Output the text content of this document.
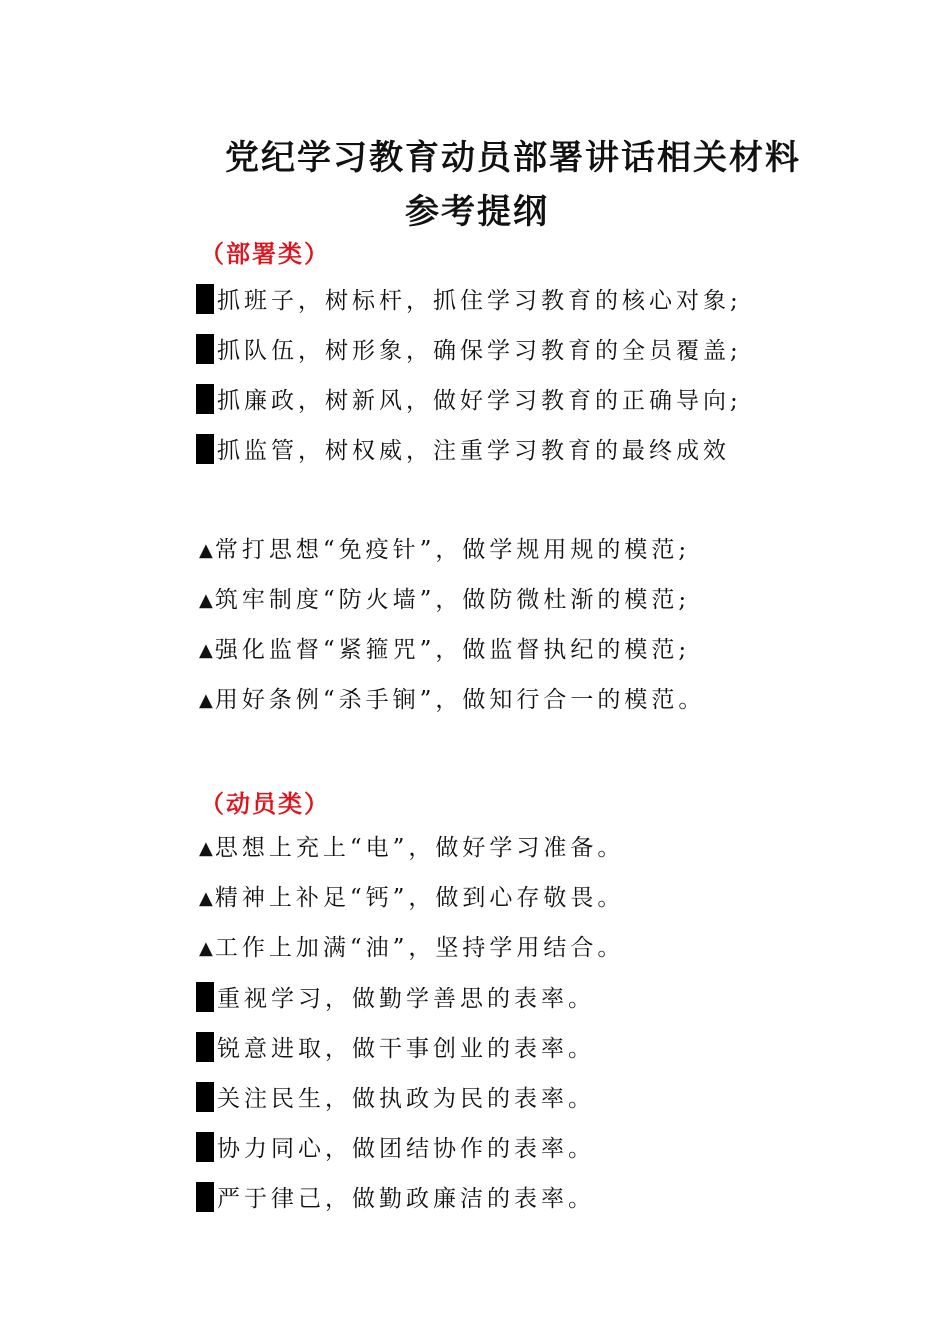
党纪学习教育动员部署讲话相关材料
参考提纲
（部署类）
抓班子，树标杆，抓住学习教育的核心对象;
抓队伍，树形象，确保学习教育的全员覆盖;
抓廉政，树新风，做好学习教育的正确导向;
抓监管，树权威，注重学习教育的最终成效
▲常打思想“免疫针”，做学规用规的模范;
▲筑牢制度“防火墙”，做防微杜渐的模范;
▲强化监督“紧箍咒”，做监督执纪的模范;
▲用好条例“杀手锏”，做知行合一的模范。
（动员类）
▲思想上充上“电”，做好学习准备。
▲精神上补足“钙”，做到心存敬畏。
▲工作上加满“油”，坚持学用结合。
重视学习，做勤学善思的表率。
锐意进取，做干事创业的表率。
关注民生，做执政为民的表率。
协力同心，做团结协作的表率。
严于律己，做勤政廉洁的表率。
